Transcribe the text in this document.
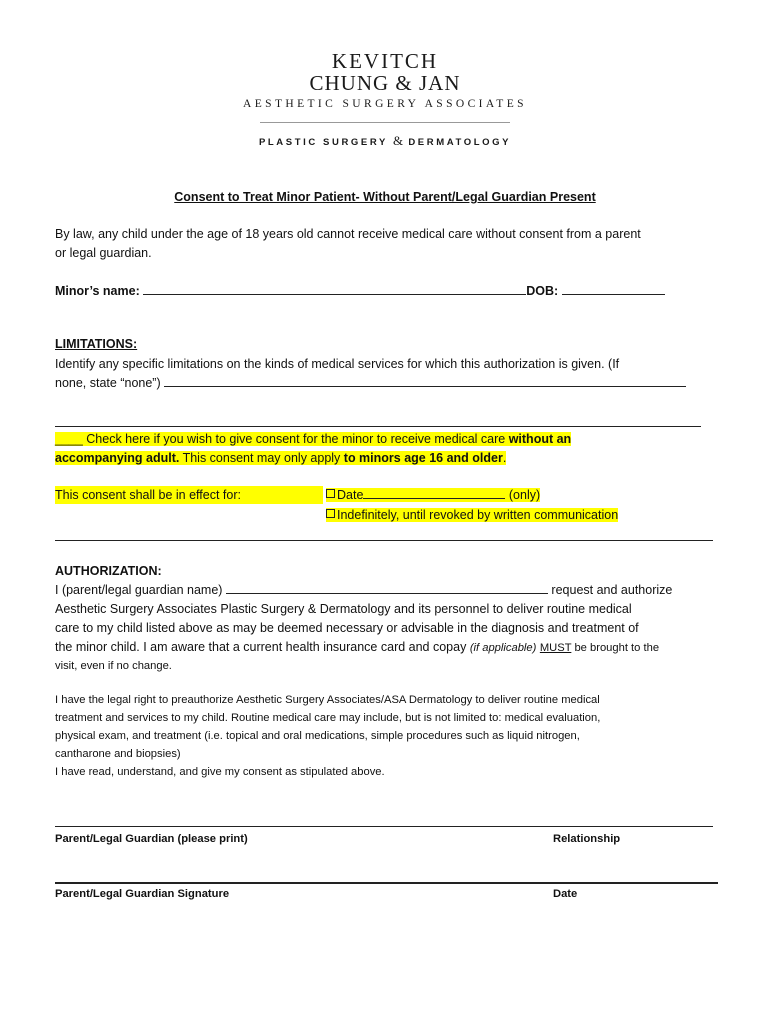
KEVITCH
CHUNG & JAN
AESTHETIC SURGERY ASSOCIATES
PLASTIC SURGERY & DERMATOLOGY
Consent to Treat Minor Patient- Without Parent/Legal Guardian Present
By law, any child under the age of 18 years old cannot receive medical care without consent from a parent
or legal guardian.
Minor’s name:	DOB:
LIMITATIONS:
Identify any specific limitations on the kinds of medical services for which this authorization is given. (If
none, state “none”)
____ Check here if you wish to give consent for the minor to receive medical care without an
accompanying adult. This consent may only apply to minors age 16 and older.
This consent shall be in effect for:	Date	(only)
Indefinitely, until revoked by written communication
AUTHORIZATION:
I (parent/legal guardian name)	request and authorize
Aesthetic Surgery Associates Plastic Surgery & Dermatology and its personnel to deliver routine medical
care to my child listed above as may be deemed necessary or advisable in the diagnosis and treatment of
the minor child. I am aware that a current health insurance card and copay (if applicable) MUST be brought to the
visit, even if no change.
I have the legal right to preauthorize Aesthetic Surgery Associates/ASA Dermatology to deliver routine medical
treatment and services to my child. Routine medical care may include, but is not limited to: medical evaluation,
physical exam, and treatment (i.e. topical and oral medications, simple procedures such as liquid nitrogen,
cantharone and biopsies)
I have read, understand, and give my consent as stipulated above.
Parent/Legal Guardian (please print)	Relationship
Parent/Legal Guardian Signature	Date
